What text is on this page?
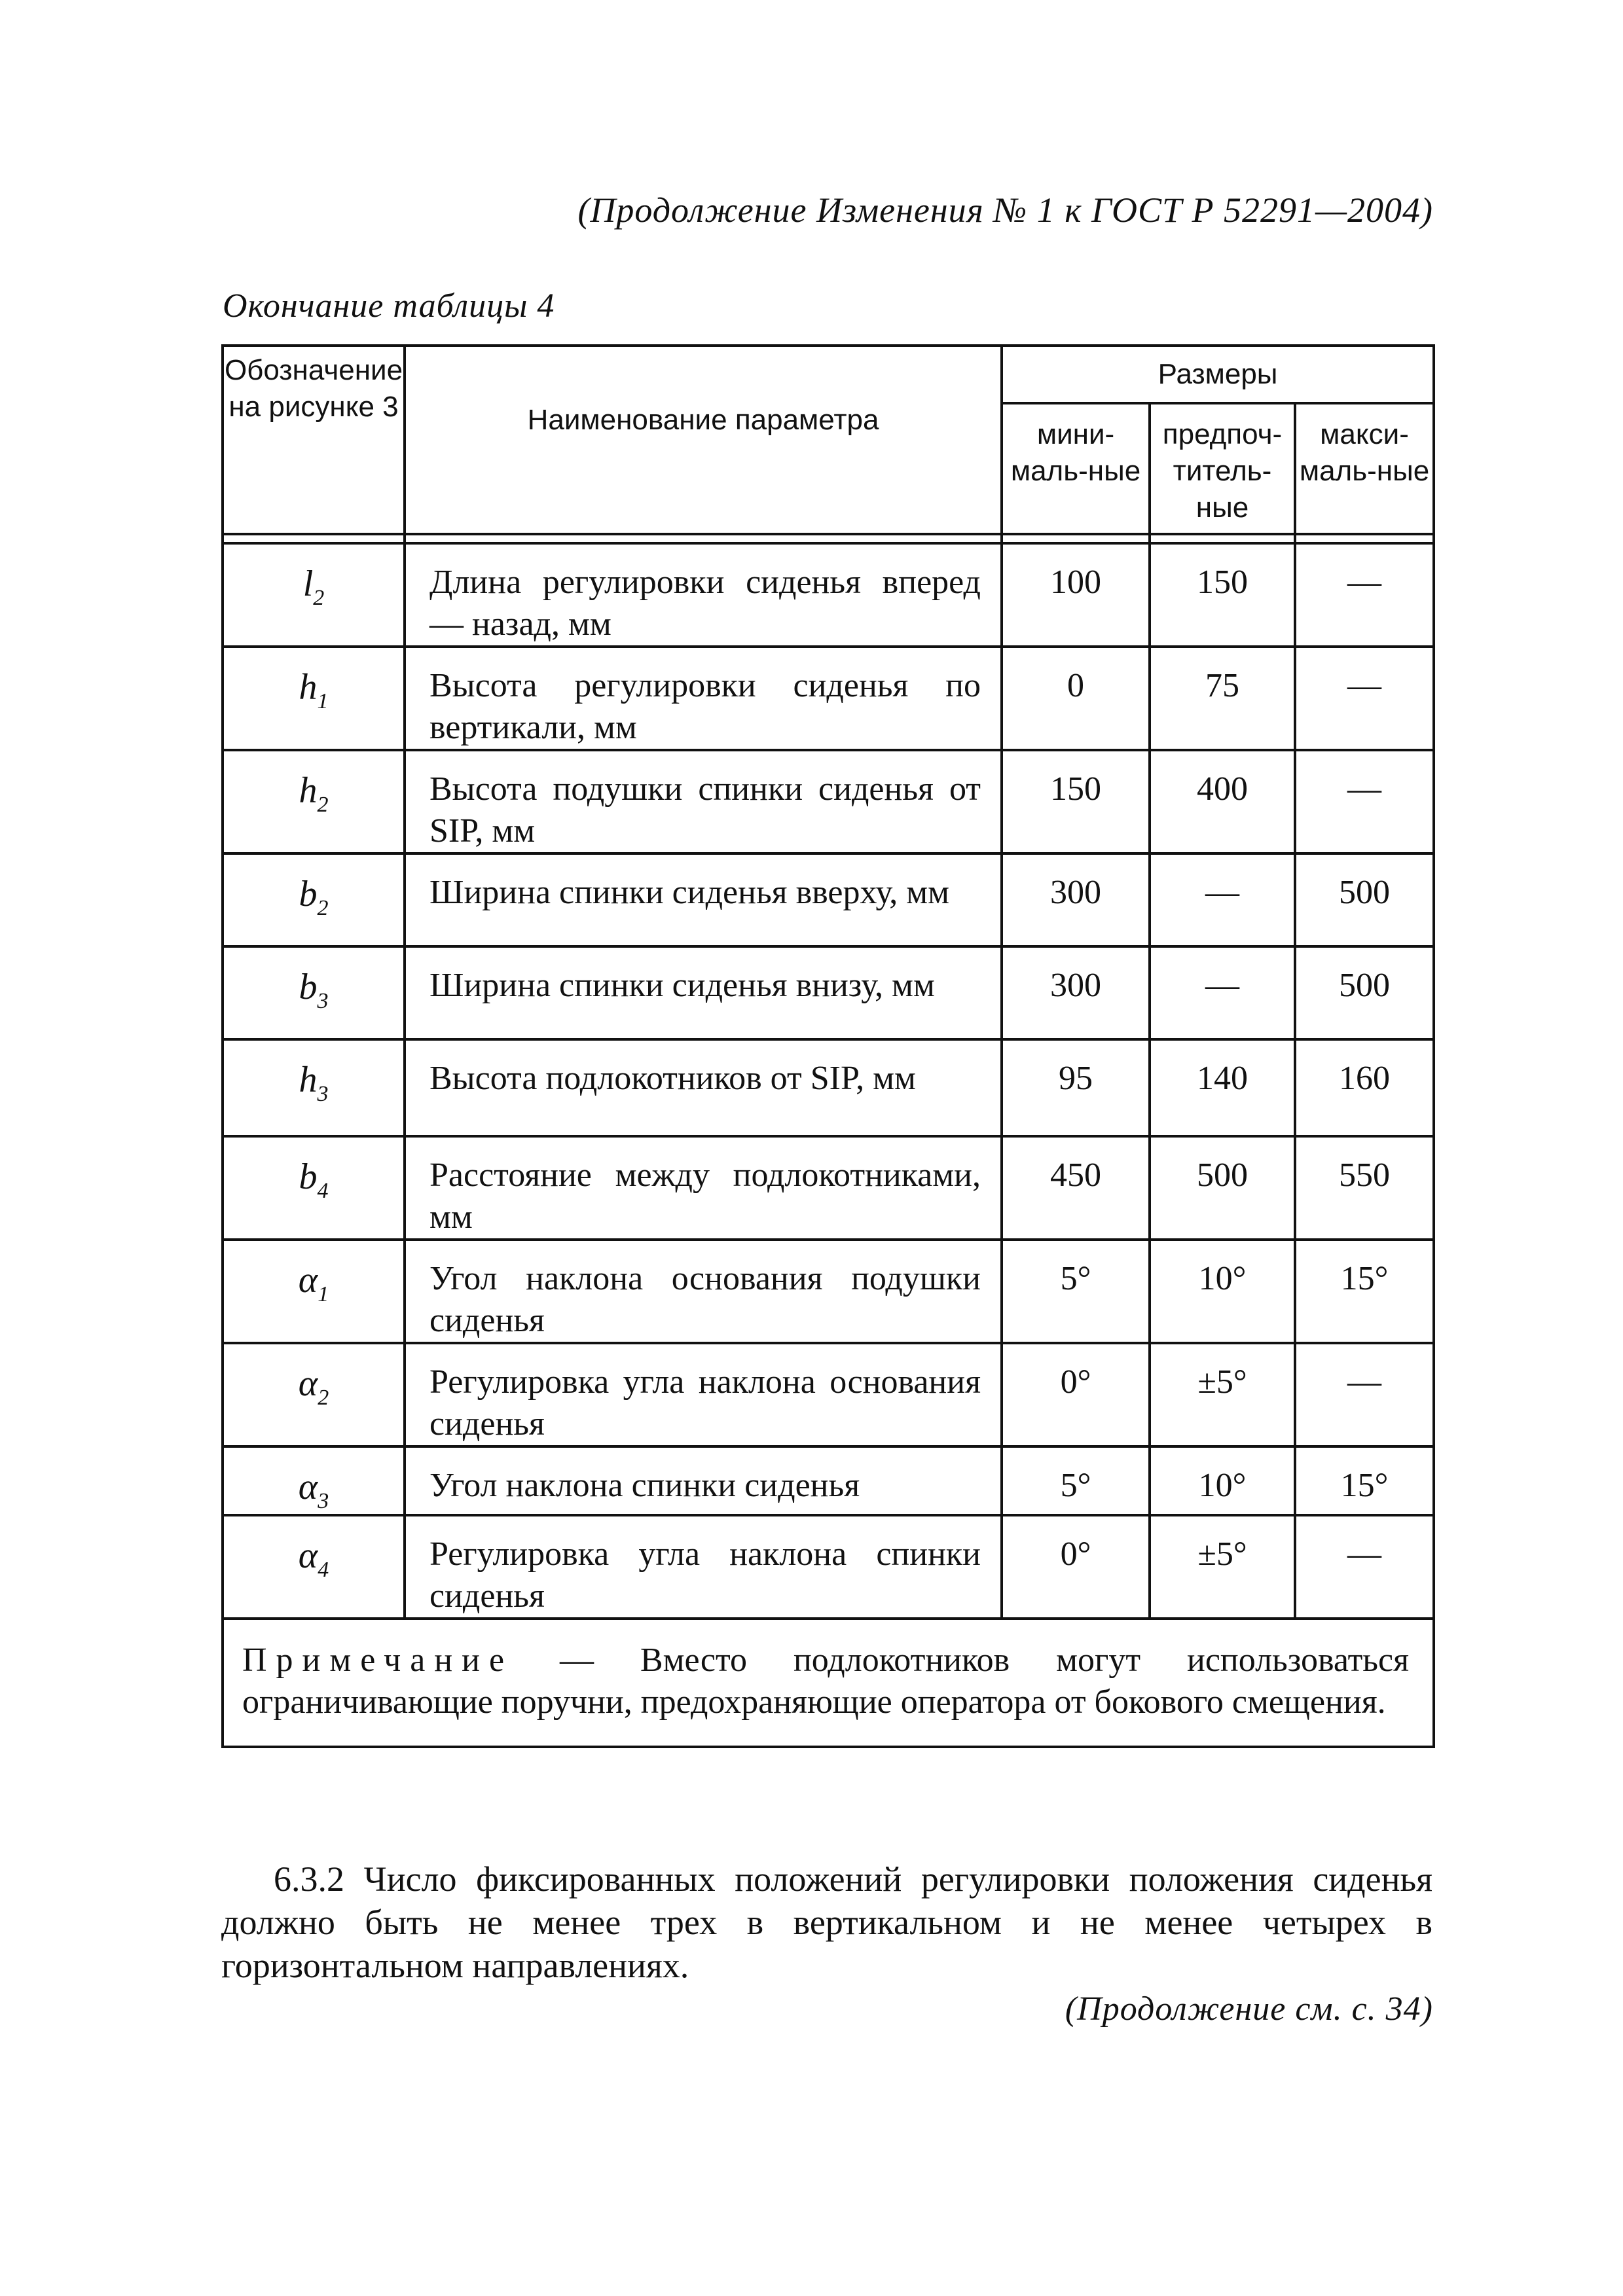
(Продолжение Изменения № 1 к ГОСТ Р 52291—2004)
Окончание таблицы 4
Обозначение на рисунке 3	Наименование параметра	Размеры		
		мини-маль-ные	предпоч-титель-ные	макси-маль-ные

$l_2$	Длина регулировки сиденья вперед — назад, мм	100	150	—
$h_1$	Высота регулировки сиденья по вертикали, мм	0	75	—
$h_2$	Высота подушки спинки сиденья от SIP, мм	150	400	—
$b_2$	Ширина спинки сиденья вверху, мм	300	—	500
$b_3$	Ширина спинки сиденья внизу, мм	300	—	500
$h_3$	Высота подлокотников от SIP, мм	95	140	160
$b_4$	Расстояние между подлокотниками, мм	450	500	550
$\alpha_1$	Угол наклона основания подушки сиденья	5°	10°	15°
$\alpha_2$	Регулировка угла наклона основания сиденья	0°	±5°	—
$\alpha_3$	Угол наклона спинки сиденья	5°	10°	15°
$\alpha_4$	Регулировка угла наклона спинки сиденья	0°	±5°	—
Примечание — Вместо подлокотников могут использоваться ограничивающие поручни, предохраняющие оператора от бокового смещения.				
6.3.2 Число фиксированных положений регулировки положения сиденья должно быть не менее трех в вертикальном и не менее четырех в горизонтальном направлениях.
(Продолжение см. с. 34)
